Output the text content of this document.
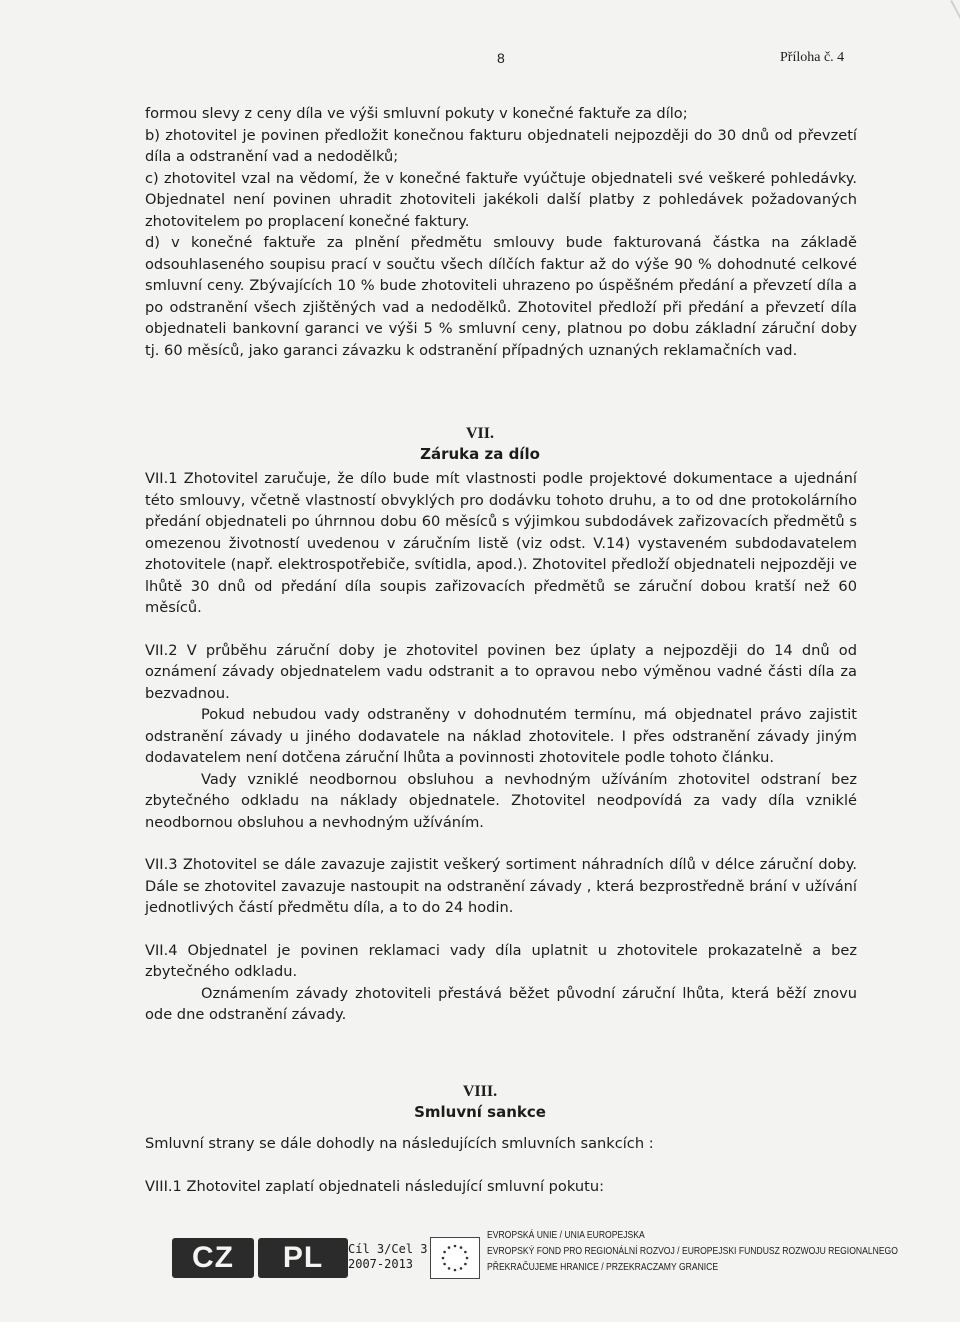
8	Příloha č. 4

formou slevy z ceny díla ve výši smluvní pokuty v konečné faktuře za dílo;

b) zhotovitel je povinen předložit konečnou fakturu objednateli nejpozději do 30 dnů od převzetí díla a odstranění vad a nedodělků;

c) zhotovitel vzal na vědomí, že v konečné faktuře vyúčtuje objednateli své veškeré pohledávky. Objednatel není povinen uhradit zhotoviteli jakékoli další platby z pohledávek požadovaných zhotovitelem po proplacení konečné faktury.

d) v konečné faktuře za plnění předmětu smlouvy bude fakturovaná částka na základě odsouhlaseného soupisu prací v součtu všech dílčích faktur až do výše 90 % dohodnuté celkové smluvní ceny. Zbývajících 10 % bude zhotoviteli uhrazeno po úspěšném předání a převzetí díla a po odstranění všech zjištěných vad a nedodělků. Zhotovitel předloží při předání a převzetí díla objednateli bankovní garanci ve výši 5 % smluvní ceny, platnou po dobu základní záruční doby tj. 60 měsíců, jako garanci závazku k odstranění případných uznaných reklamačních vad.

VII.
Záruka za dílo

VII.1 Zhotovitel zaručuje, že dílo bude mít vlastnosti podle projektové dokumentace a ujednání této smlouvy, včetně vlastností obvyklých pro dodávku tohoto druhu, a to od dne protokolárního předání objednateli po úhrnnou dobu 60 měsíců s výjimkou subdodávek zařizovacích předmětů s omezenou životností uvedenou v záručním listě (viz odst. V.14) vystaveném subdodavatelem zhotovitele (např. elektrospotřebiče, svítidla, apod.). Zhotovitel předloží objednateli nejpozději ve lhůtě 30 dnů od předání díla soupis zařizovacích předmětů se záruční dobou kratší než 60 měsíců.

VII.2 V průběhu záruční doby je zhotovitel povinen bez úplaty a nejpozději do 14 dnů od oznámení závady objednatelem vadu odstranit a to opravou nebo výměnou vadné části díla za bezvadnou.

Pokud nebudou vady odstraněny v dohodnutém termínu, má objednatel právo zajistit odstranění závady u jiného dodavatele na náklad zhotovitele. I přes odstranění závady jiným dodavatelem není dotčena záruční lhůta a povinnosti zhotovitele podle tohoto článku.

Vady vzniklé neodbornou obsluhou a nevhodným užíváním zhotovitel odstraní bez zbytečného odkladu na náklady objednatele. Zhotovitel neodpovídá za vady díla vzniklé neodbornou obsluhou a nevhodným užíváním.

VII.3 Zhotovitel se dále zavazuje zajistit veškerý sortiment náhradních dílů v délce záruční doby. Dále se zhotovitel zavazuje nastoupit na odstranění závady , která bezprostředně brání v užívání jednotlivých částí předmětu díla, a to do 24 hodin.

VII.4 Objednatel je povinen reklamaci vady díla uplatnit u zhotovitele prokazatelně a bez zbytečného odkladu.

Oznámením závady zhotoviteli přestává běžet původní záruční lhůta, která běží znovu ode dne odstranění závady.

VIII.
Smluvní sankce

Smluvní strany se dále dohodly na následujících smluvních sankcích :

VIII.1 Zhotovitel zaplatí objednateli následující smluvní pokutu:

CZ	PL	Cíl 3/Cel 3
2007-2013
EVROPSKÁ UNIE / UNIA EUROPEJSKA
EVROPSKÝ FOND PRO REGIONÁLNÍ ROZVOJ / EUROPEJSKI FUNDUSZ ROZWOJU REGIONALNEGO
PŘEKRAČUJEME HRANICE / PRZEKRACZAMY GRANICE
